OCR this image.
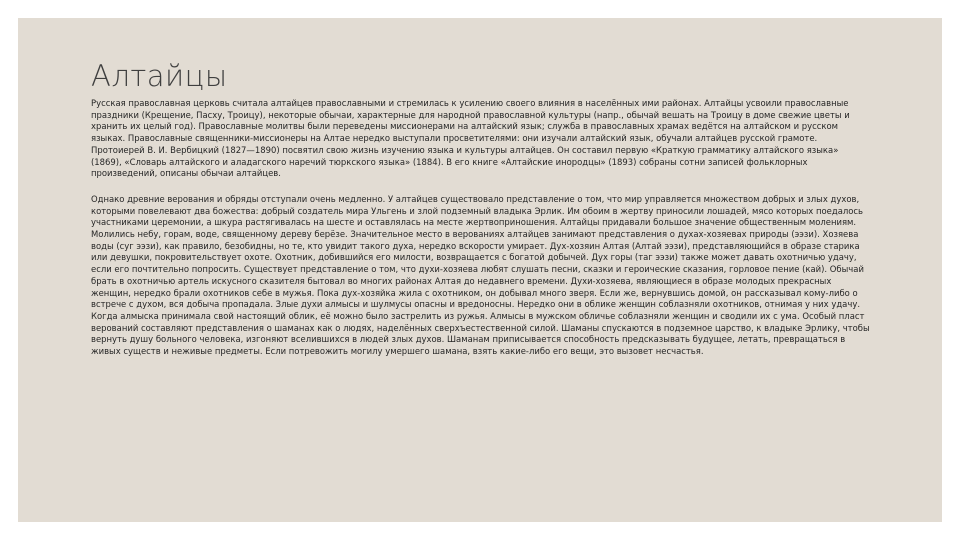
Алтайцы

Русская православная церковь считала алтайцев православными и стремилась к усилению своего влияния в населённых ими районах. Алтайцы усвоили православные праздники (Крещение, Пасху, Троицу), некоторые обычаи, характерные для народной православной культуры (напр., обычай вешать на Троицу в доме свежие цветы и хранить их целый год). Православные молитвы были переведены миссионерами на алтайский язык; служба в православных храмах ведётся на алтайском и русском языках. Православные священники-миссионеры на Алтае нередко выступали просветителями: они изучали алтайский язык, обучали алтайцев русской грамоте. Протоиерей В. И. Вербицкий (1827—1890) посвятил свою жизнь изучению языка и культуры алтайцев. Он составил первую «Краткую грамматику алтайского языка» (1869), «Словарь алтайского и аладагского наречий тюркского языка» (1884). В его книге «Алтайские инородцы» (1893) собраны сотни записей фольклорных произведений, описаны обычаи алтайцев.

Однако древние верования и обряды отступали очень медленно. У алтайцев существовало представление о том, что мир управляется множеством добрых и злых духов, которыми повелевают два божества: добрый создатель мира Ульгень и злой подземный владыка Эрлик. Им обоим в жертву приносили лошадей, мясо которых поедалось участниками церемонии, а шкура растягивалась на шесте и оставлялась на месте жертвоприношения. Алтайцы придавали большое значение общественным молениям. Молились небу, горам, воде, священному дереву берёзе. Значительное место в верованиях алтайцев занимают представления о духах-хозяевах природы (ээзи). Хозяева воды (суг ээзи), как правило, безобидны, но те, кто увидит такого духа, нередко вскорости умирает. Дух-хозяин Алтая (Алтай ээзи), представляющийся в образе старика или девушки, покровительствует охоте. Охотник, добившийся его милости, возвращается с богатой добычей. Дух горы (таг ээзи) также может давать охотничью удачу, если его почтительно попросить. Существует представление о том, что духи-хозяева любят слушать песни, сказки и героические сказания, горловое пение (кай). Обычай брать в охотничью артель искусного сказителя бытовал во многих районах Алтая до недавнего времени. Духи-хозяева, являющиеся в образе молодых прекрасных женщин, нередко брали охотников себе в мужья. Пока дух-хозяйка жила с охотником, он добывал много зверя. Если же, вернувшись домой, он рассказывал кому-либо о встрече с духом, вся добыча пропадала. Злые духи алмысы и шулмусы опасны и вредоносны. Нередко они в облике женщин соблазняли охотников, отнимая у них удачу. Когда алмыска принимала свой настоящий облик, её можно было застрелить из ружья. Алмысы в мужском обличье соблазняли женщин и сводили их с ума. Особый пласт верований составляют представления о шаманах как о людях, наделённых сверхъестественной силой. Шаманы спускаются в подземное царство, к владыке Эрлику, чтобы вернуть душу больного человека, изгоняют вселившихся в людей злых духов. Шаманам приписывается способность предсказывать будущее, летать, превращаться в живых существ и неживые предметы. Если потревожить могилу умершего шамана, взять какие-либо его вещи, это вызовет несчастья.
